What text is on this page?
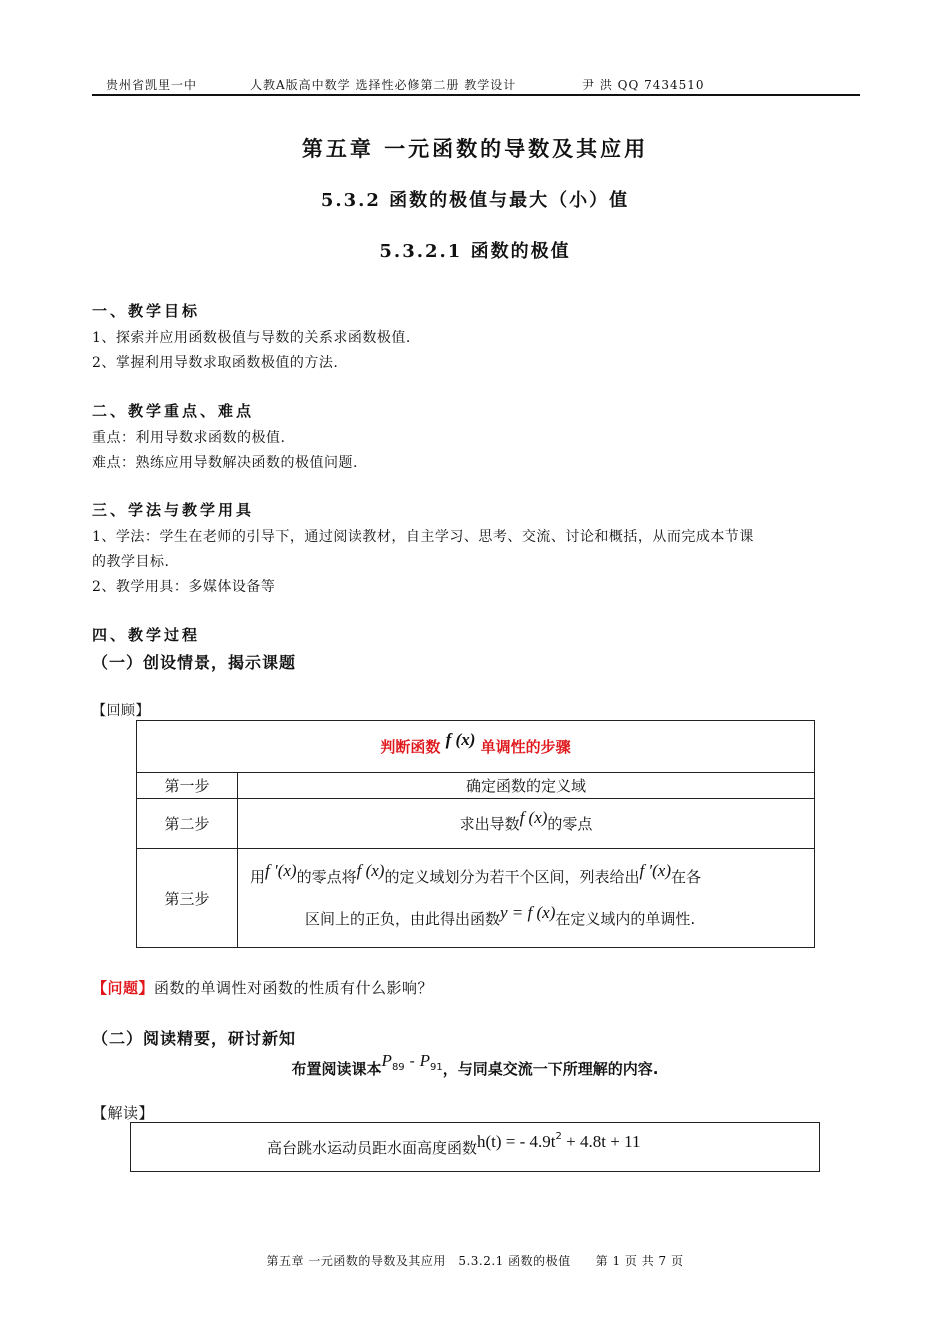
贵州省凯里一中	人教A版高中数学 选择性必修第二册 教学设计	尹 洪 QQ 7434510
第五章 一元函数的导数及其应用
5.3.2 函数的极值与最大（小）值
5.3.2.1 函数的极值
一、教学目标
1、探索并应用函数极值与导数的关系求函数极值.
2、掌握利用导数求取函数极值的方法.
二、教学重点、难点
重点：利用导数求函数的极值.
难点：熟练应用导数解决函数的极值问题.
三、学法与教学用具
1、学法：学生在老师的引导下，通过阅读教材，自主学习、思考、交流、讨论和概括，从而完成本节课
的教学目标.
2、教学用具：多媒体设备等
四、教学过程
（一）创设情景，揭示课题
【回顾】
判断函数 f (x) 单调性的步骤	
第一步	确定函数的定义域
第二步	求出导数f (x)的零点
第三步	用f ′(x)的零点将f (x)的定义域划分为若干个区间，列表给出f ′(x)在各
区间上的正负，由此得出函数y = f (x)在定义域内的单调性.
【问题】函数的单调性对函数的性质有什么影响？
（二）阅读精要，研讨新知
布置阅读课本$P_{89} - P_{91}$，与同桌交流一下所理解的内容.
【解读】
高台跳水运动员距水面高度函数h(t) = - $4.9t^2 + 4.8t + 11$
第五章 一元函数的导数及其应用　5.3.2.1 函数的极值　　第 1 页 共 7 页
